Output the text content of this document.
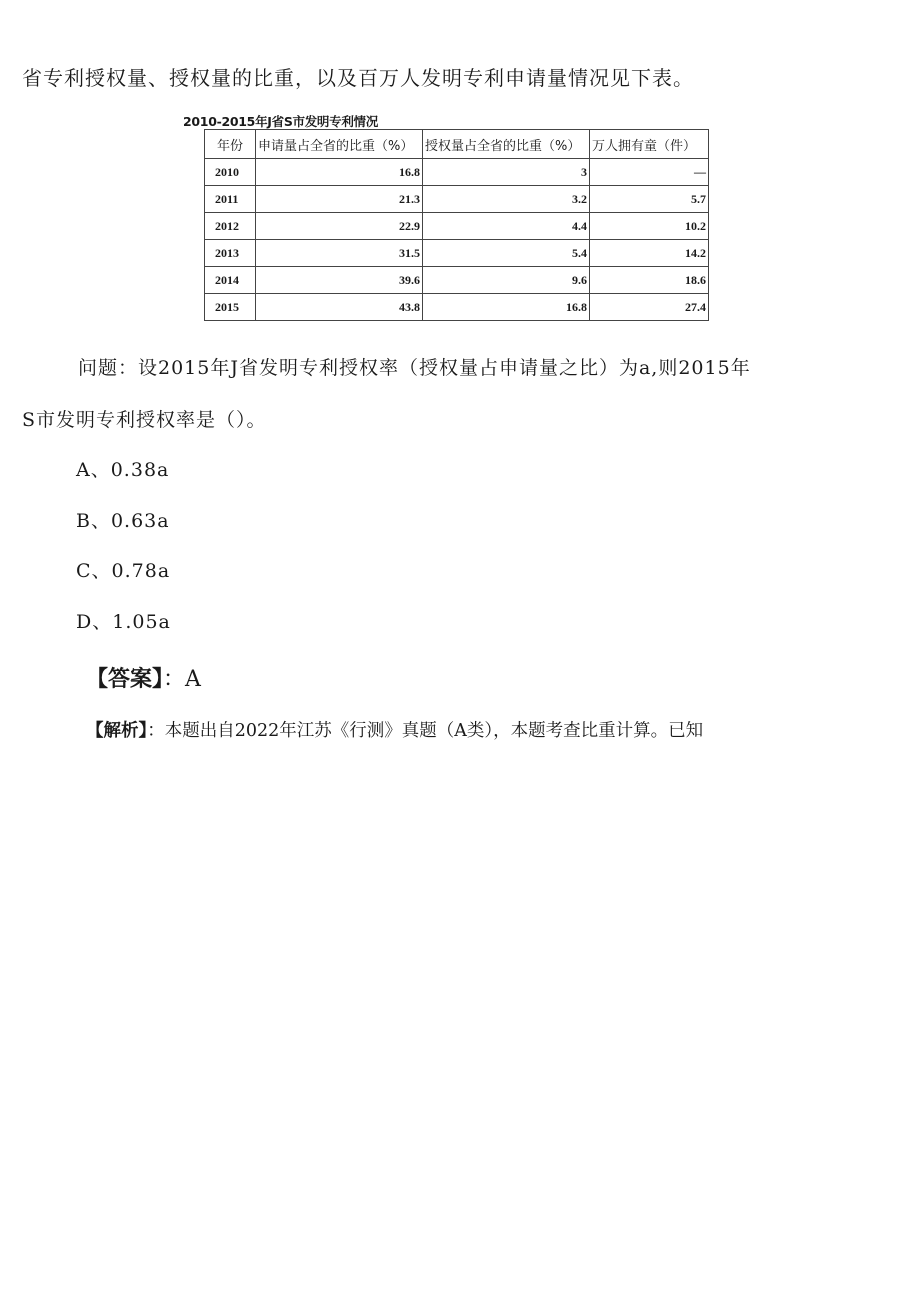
省专利授权量、授权量的比重，以及百万人发明专利申请量情况见下表。
2010-2015年J省S市发明专利情况
年份	申请量占全省的比重（%）	授权量占全省的比重（%）	万人拥有童（件）
2010	16.8	3	—
2011	21.3	3.2	5.7
2012	22.9	4.4	10.2
2013	31.5	5.4	14.2
2014	39.6	9.6	18.6
2015	43.8	16.8	27.4
问题：设2015年J省发明专利授权率（授权量占申请量之比）为a,则2015年
S市发明专利授权率是（）。
A、0.38a
B、0.63a
C、0.78a
D、1.05a
【答案】：A
【解析】：本题出自2022年江苏《行测》真题（A类），本题考查比重计算。已知
